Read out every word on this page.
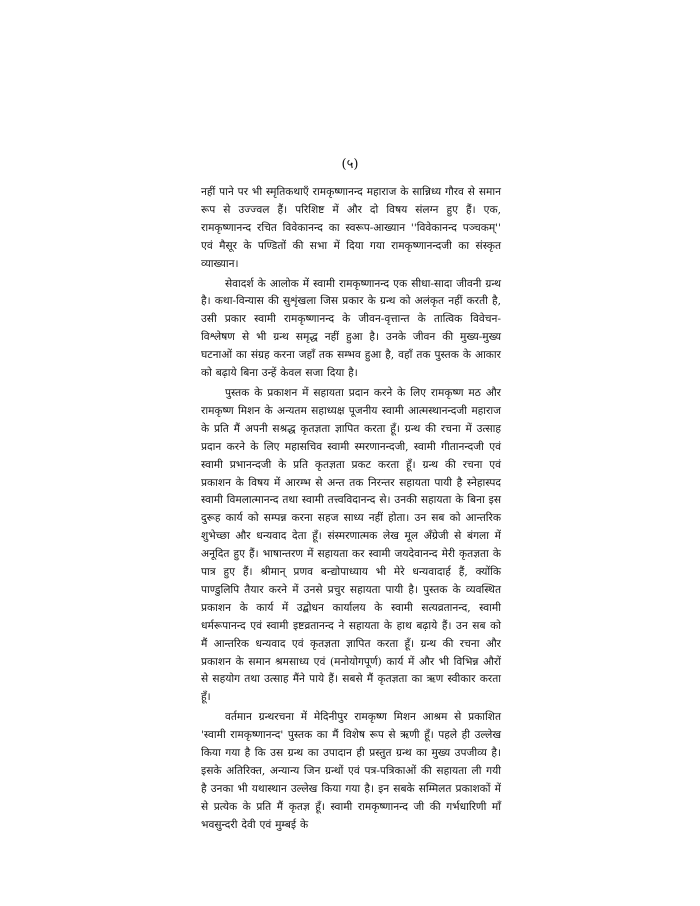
(५)

नहीं पाने पर भी स्मृतिकथाएँ रामकृष्णानन्द महाराज के सान्निध्य गौरव से समान रूप से उज्ज्वल हैं। परिशिष्ट में और दो विषय संलग्न हुए हैं। एक, रामकृष्णानन्द रचित विवेकानन्द का स्वरूप-आख्यान ''विवेकानन्द पञ्चकम्'' एवं मैसूर के पण्डितों की सभा में दिया गया रामकृष्णानन्दजी का संस्कृत व्याख्यान।

सेवादर्श के आलोक में स्वामी रामकृष्णानन्द एक सीधा-सादा जीवनी ग्रन्थ है। कथा-विन्यास की सुशृंखला जिस प्रकार के ग्रन्थ को अलंकृत नहीं करती है, उसी प्रकार स्वामी रामकृष्णानन्द के जीवन-वृत्तान्त के तात्विक विवेचन-विश्लेषण से भी ग्रन्थ समृद्ध नहीं हुआ है। उनके जीवन की मुख्य-मुख्य घटनाओं का संग्रह करना जहाँ तक सम्भव हुआ है, वहाँ तक पुस्तक के आकार को बढ़ाये बिना उन्हें केवल सजा दिया है।

पुस्तक के प्रकाशन में सहायता प्रदान करने के लिए रामकृष्ण मठ और रामकृष्ण मिशन के अन्यतम सहाध्यक्ष पूजनीय स्वामी आत्मस्थानन्दजी महाराज के प्रति मैं अपनी सश्रद्ध कृतज्ञता ज्ञापित करता हूँ। ग्रन्थ की रचना में उत्साह प्रदान करने के लिए महासचिव स्वामी स्मरणानन्दजी, स्वामी गीतानन्दजी एवं स्वामी प्रभानन्दजी के प्रति कृतज्ञता प्रकट करता हूँ। ग्रन्थ की रचना एवं प्रकाशन के विषय में आरम्भ से अन्त तक निरन्तर सहायता पायी है स्नेहास्पद स्वामी विमलात्मानन्द तथा स्वामी तत्त्वविदानन्द से। उनकी सहायता के बिना इस दुरूह कार्य को सम्पन्न करना सहज साध्य नहीं होता। उन सब को आन्तरिक शुभेच्छा और धन्यवाद देता हूँ। संस्मरणात्मक लेख मूल अँग्रेजी से बंगला में अनूदित हुए हैं। भाषान्तरण में सहायता कर स्वामी जयदेवानन्द मेरी कृतज्ञता के पात्र हुए हैं। श्रीमान् प्रणव बन्द्योपाध्याय भी मेरे धन्यवादार्ह हैं, क्योंकि पाण्डुलिपि तैयार करने में उनसे प्रचुर सहायता पायी है। पुस्तक के व्यवस्थित प्रकाशन के कार्य में उद्बोधन कार्यालय के स्वामी सत्यव्रतानन्द, स्वामी धर्मरूपानन्द एवं स्वामी इष्टव्रतानन्द ने सहायता के हाथ बढ़ाये हैं। उन सब को मैं आन्तरिक धन्यवाद एवं कृतज्ञता ज्ञापित करता हूँ। ग्रन्थ की रचना और प्रकाशन के समान श्रमसाध्य एवं (मनोयोगपूर्ण) कार्य में और भी विभिन्न औरों से सहयोग तथा उत्साह मैंने पाये हैं। सबसे मैं कृतज्ञता का ऋण स्वीकार करता हूँ।

वर्तमान ग्रन्थरचना में मेदिनीपुर रामकृष्ण मिशन आश्रम से प्रकाशित 'स्वामी रामकृष्णानन्द' पुस्तक का मैं विशेष रूप से ऋणी हूँ। पहले ही उल्लेख किया गया है कि उस ग्रन्थ का उपादान ही प्रस्तुत ग्रन्थ का मुख्य उपजीव्य है। इसके अतिरिक्त, अन्यान्य जिन ग्रन्थों एवं पत्र-पत्रिकाओं की सहायता ली गयी है उनका भी यथास्थान उल्लेख किया गया है। इन सबके सम्मिलत प्रकाशकों में से प्रत्येक के प्रति मैं कृतज्ञ हूँ। स्वामी रामकृष्णानन्द जी की गर्भधारिणी माँ भवसुन्दरी देवी एवं मुम्बई के
